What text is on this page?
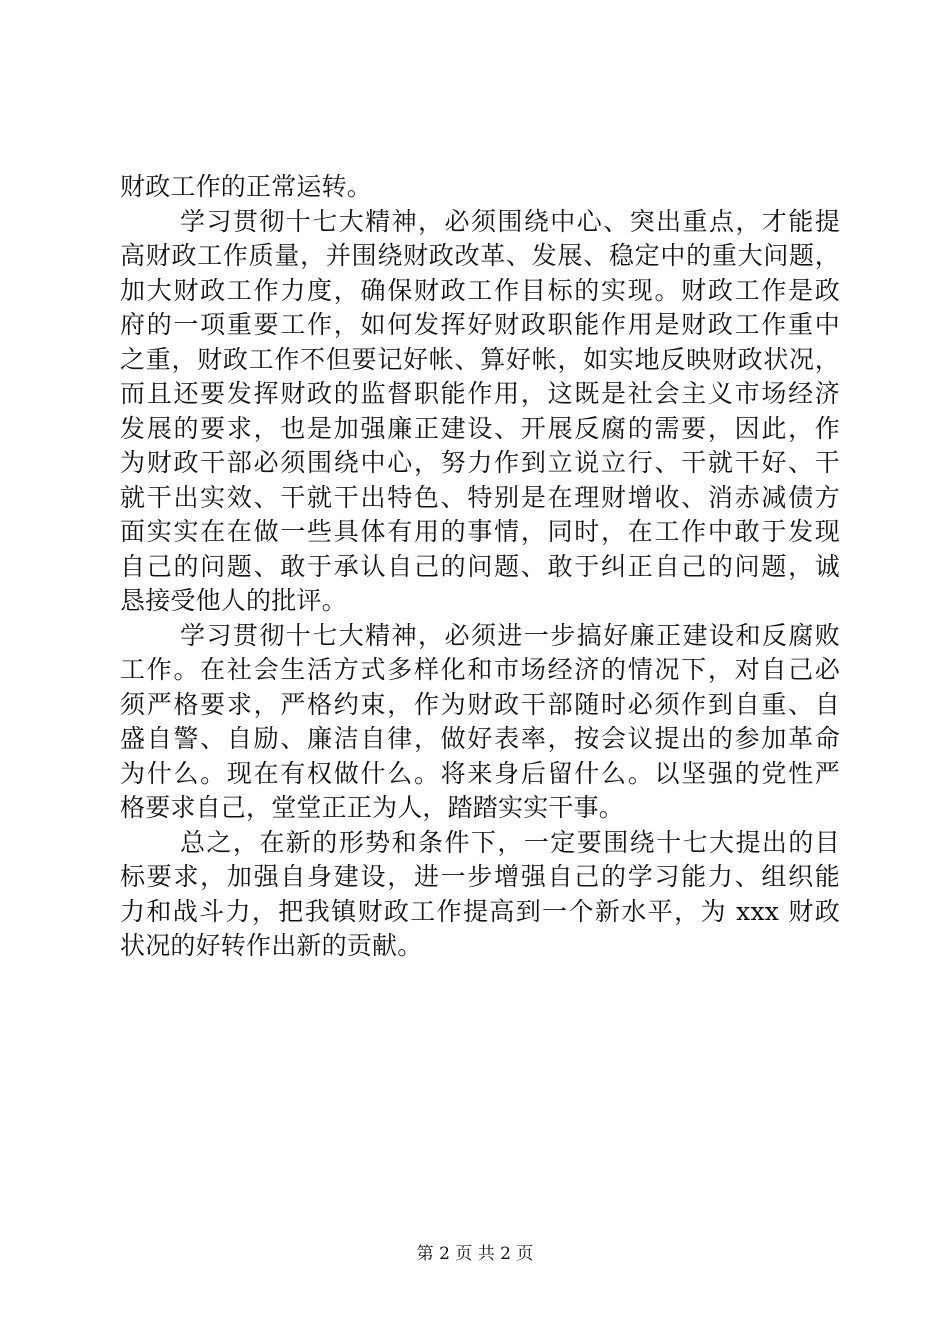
财政工作的正常运转。
学习贯彻十七大精神，必须围绕中心、突出重点，才能提
高财政工作质量，并围绕财政改革、发展、稳定中的重大问题，
加大财政工作力度，确保财政工作目标的实现。财政工作是政
府的一项重要工作，如何发挥好财政职能作用是财政工作重中
之重，财政工作不但要记好帐、算好帐，如实地反映财政状况，
而且还要发挥财政的监督职能作用，这既是社会主义市场经济
发展的要求，也是加强廉正建设、开展反腐的需要，因此，作
为财政干部必须围绕中心，努力作到立说立行、干就干好、干
就干出实效、干就干出特色、特别是在理财增收、消赤减债方
面实实在在做一些具体有用的事情，同时，在工作中敢于发现
自己的问题、敢于承认自己的问题、敢于纠正自己的问题，诚
恳接受他人的批评。
学习贯彻十七大精神，必须进一步搞好廉正建设和反腐败
工作。在社会生活方式多样化和市场经济的情况下，对自己必
须严格要求，严格约束，作为财政干部随时必须作到自重、自
盛自警、自励、廉洁自律，做好表率，按会议提出的参加革命
为什么。现在有权做什么。将来身后留什么。以坚强的党性严
格要求自己，堂堂正正为人，踏踏实实干事。
总之，在新的形势和条件下，一定要围绕十七大提出的目
标要求，加强自身建设，进一步增强自己的学习能力、组织能
力和战斗力，把我镇财政工作提高到一个新水平，为 xxx 财政
状况的好转作出新的贡献。
第 2 页 共 2 页
